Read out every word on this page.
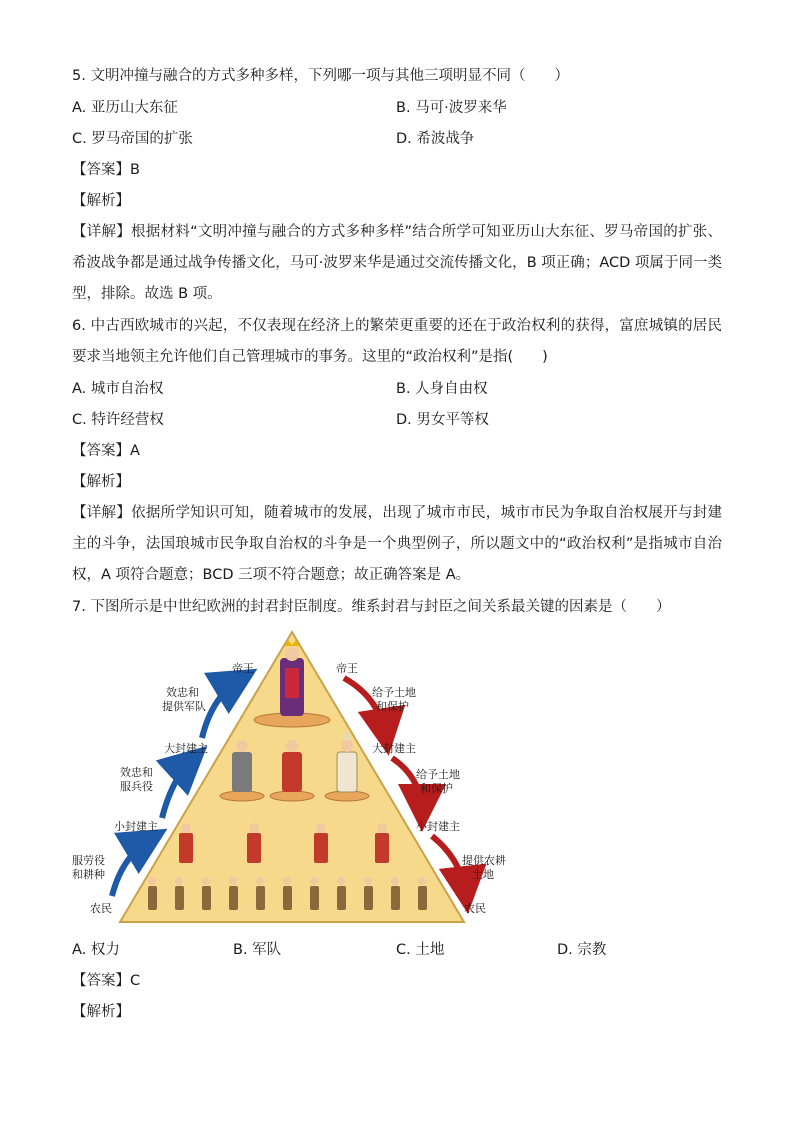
5. 文明冲撞与融合的方式多种多样，下列哪一项与其他三项明显不同（　　）
A. 亚历山大东征	B. 马可·波罗来华
C. 罗马帝国的扩张	D. 希波战争
【答案】B
【解析】
【详解】根据材料“文明冲撞与融合的方式多种多样”结合所学可知亚历山大东征、罗马帝国的扩张、希波战争都是通过战争传播文化，马可·波罗来华是通过交流传播文化，B 项正确；ACD 项属于同一类型，排除。故选 B 项。
6. 中古西欧城市的兴起，不仅表现在经济上的繁荣更重要的还在于政治权利的获得，富庶城镇的居民要求当地领主允许他们自己管理城市的事务。这里的“政治权利”是指(　　)
A. 城市自治权	B. 人身自由权
C. 特许经营权	D. 男女平等权
【答案】A
【解析】
【详解】依据所学知识可知，随着城市的发展，出现了城市市民，城市市民为争取自治权展开与封建主的斗争，法国琅城市民争取自治权的斗争是一个典型例子，所以题文中的“政治权利”是指城市自治权，A 项符合题意；BCD 三项不符合题意；故正确答案是 A。
7. 下图所示是中世纪欧洲的封君封臣制度。维系封君与封臣之间关系最关键的因素是（　　）
帝王
效忠和
提供军队
大封建主
效忠和
服兵役
小封建主
服劳役
和耕种
农民
帝王
给予土地
和保护
大封建主
给予土地
和保护
小封建主
提供农耕
土地
农民
A. 权力	B. 军队	C. 土地	D. 宗教
【答案】C
【解析】
